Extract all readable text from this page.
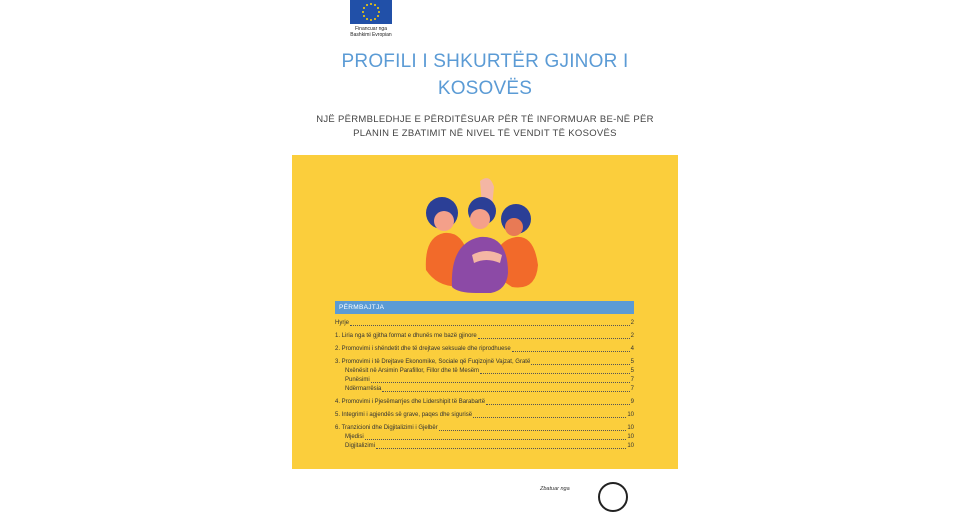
Financuar nga
Bashkimi Evropian
PROFILI I SHKURTËR GJINOR I
KOSOVËS
NJË PËRMBLEDHJE E PËRDITËSUAR PËR TË INFORMUAR BE-NË PËR
PLANIN E ZBATIMIT NË NIVEL TË VENDIT TË KOSOVËS
PËRMBAJTJA
Hyrje	2
1. Liria nga të gjitha format e dhunës me bazë gjinore	2
2. Promovimi i shëndetit dhe të drejtave seksuale dhe riprodhuese	4
3. Promovimi i të Drejtave Ekonomike, Sociale që Fuqizojnë Vajzat, Gratë	5
Nxënësit në Arsimin Parafillor, Fillor dhe të Mesëm	5
Punësimi	7
Ndërmarrësia	7
4. Promovimi i Pjesëmarrjes dhe Lidershipit të Barabartë	9
5. Integrimi i agjendës së grave, paqes dhe sigurisë	10
6. Tranzicioni dhe Digjitalizimi i Gjelbër	10
Mjedisi	10
Digjitalizimi	10
Zbatuar nga
